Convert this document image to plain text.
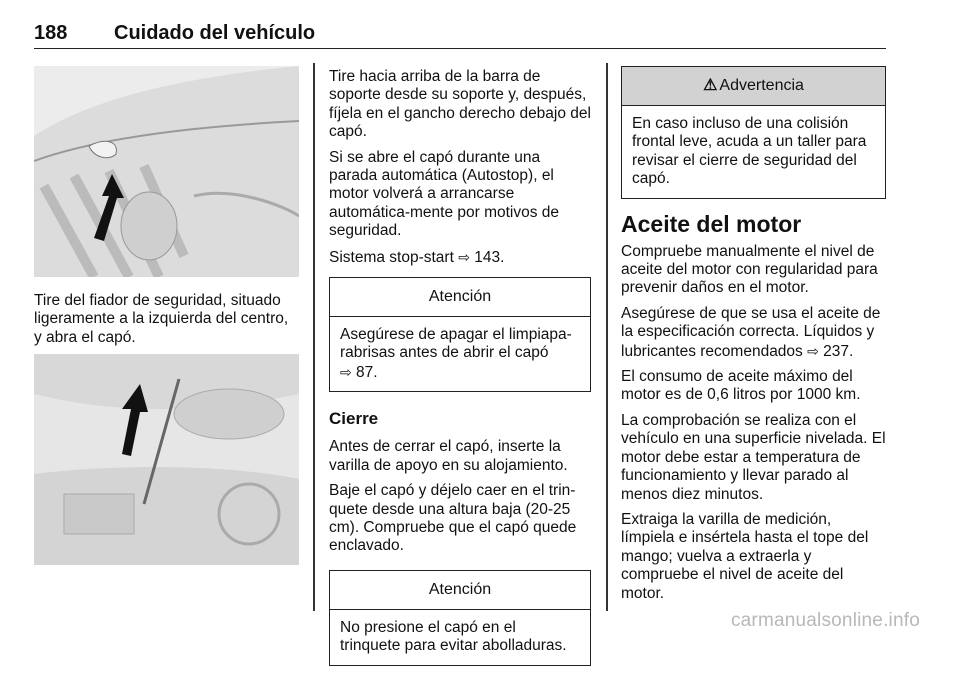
188 Cuidado del vehículo

Tire del fiador de seguridad, situado ligeramente a la izquierda del centro, y abra el capó.

Tire hacia arriba de la barra de soporte desde su soporte y, después, fíjela en el gancho derecho debajo del capó.

Si se abre el capó durante una parada automática (Autostop), el motor volverá a arrancarse automática-mente por motivos de seguridad.

Sistema stop-start ⇨ 143.

Atención
Asegúrese de apagar el limpiapa-rabrisas antes de abrir el capó
⇨ 87.
Cierre

Antes de cerrar el capó, inserte la varilla de apoyo en su alojamiento.

Baje el capó y déjelo caer en el trin-quete desde una altura baja (20-25 cm). Compruebe que el capó quede enclavado.

Atención
No presione el capó en el trinquete para evitar abolladuras.
⚠ Advertencia
En caso incluso de una colisión frontal leve, acuda a un taller para revisar el cierre de seguridad del capó.
Aceite del motor

Compruebe manualmente el nivel de aceite del motor con regularidad para prevenir daños en el motor.

Asegúrese de que se usa el aceite de la especificación correcta. Líquidos y lubricantes recomendados ⇨ 237.

El consumo de aceite máximo del motor es de 0,6 litros por 1000 km.

La comprobación se realiza con el vehículo en una superficie nivelada. El motor debe estar a temperatura de funcionamiento y llevar parado al menos diez minutos.

Extraiga la varilla de medición, límpiela e insértela hasta el tope del mango; vuelva a extraerla y compruebe el nivel de aceite del motor.

carmanualsonline.info
